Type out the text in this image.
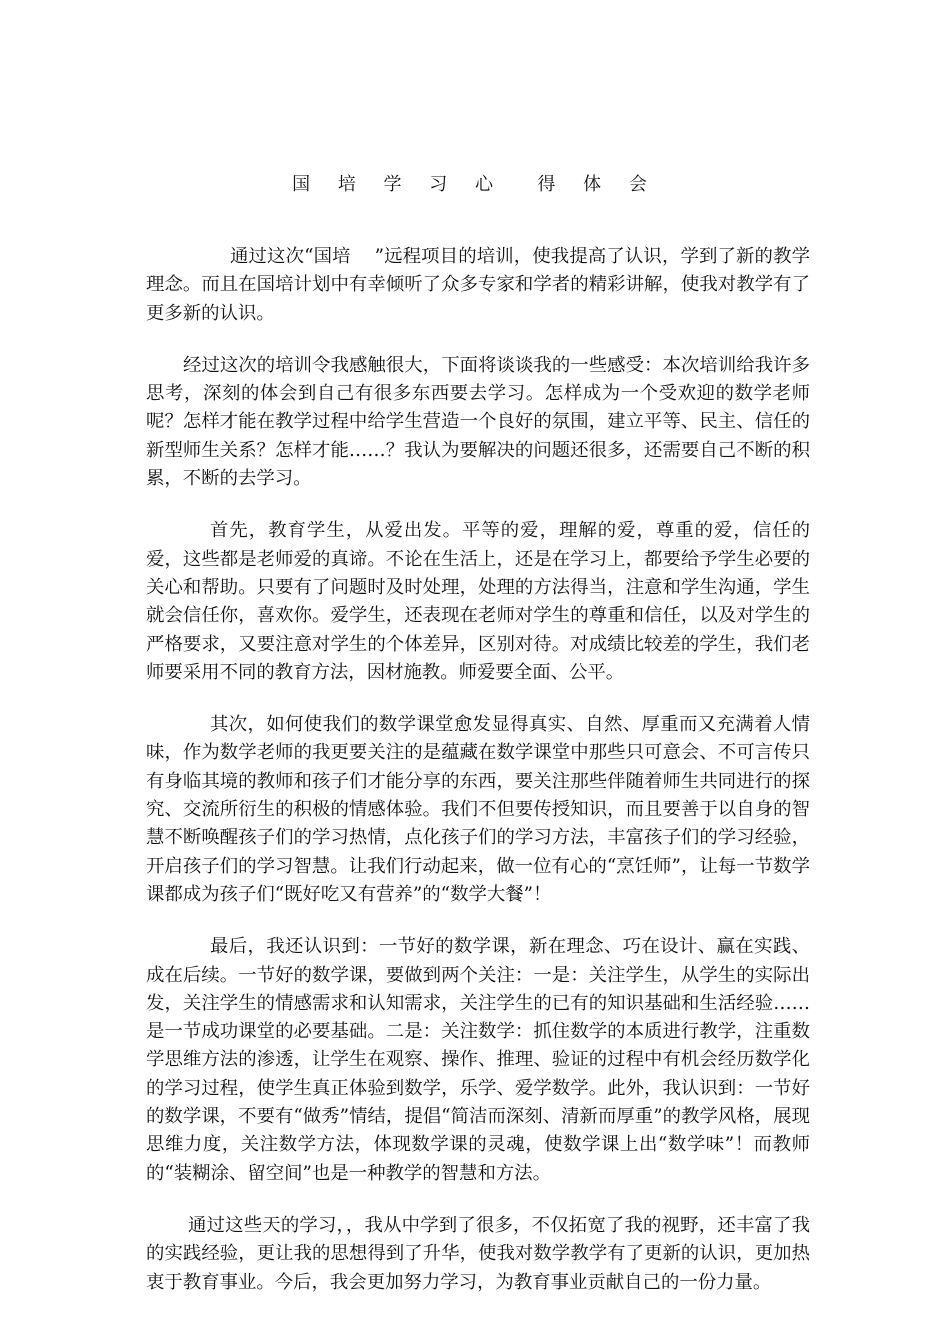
国 培 学 习 心  得 体 会

通过这次“国培    ”远程项目的培训，使我提高了认识，学到了新的教学理念。而且在国培计划中有幸倾听了众多专家和学者的精彩讲解，使我对教学有了更多新的认识。

经过这次的培训令我感触很大，下面将谈谈我的一些感受：本次培训给我许多思考，深刻的体会到自己有很多东西要去学习。怎样成为一个受欢迎的数学老师呢？怎样才能在教学过程中给学生营造一个良好的氛围，建立平等、民主、信任的新型师生关系？怎样才能……？我认为要解决的问题还很多，还需要自己不断的积累，不断的去学习。

首先，教育学生，从爱出发。平等的爱，理解的爱，尊重的爱，信任的爱，这些都是老师爱的真谛。不论在生活上，还是在学习上，都要给予学生必要的关心和帮助。只要有了问题时及时处理，处理的方法得当，注意和学生沟通，学生就会信任你，喜欢你。爱学生，还表现在老师对学生的尊重和信任，以及对学生的严格要求，又要注意对学生的个体差异，区别对待。对成绩比较差的学生，我们老师要采用不同的教育方法，因材施教。师爱要全面、公平。

其次，如何使我们的数学课堂愈发显得真实、自然、厚重而又充满着人情味，作为数学老师的我更要关注的是蕴藏在数学课堂中那些只可意会、不可言传只有身临其境的教师和孩子们才能分享的东西，要关注那些伴随着师生共同进行的探究、交流所衍生的积极的情感体验。我们不但要传授知识，而且要善于以自身的智慧不断唤醒孩子们的学习热情，点化孩子们的学习方法，丰富孩子们的学习经验，开启孩子们的学习智慧。让我们行动起来，做一位有心的“烹饪师”，让每一节数学课都成为孩子们“既好吃又有营养”的“数学大餐”！

最后，我还认识到：一节好的数学课，新在理念、巧在设计、赢在实践、成在后续。一节好的数学课，要做到两个关注：一是：关注学生，从学生的实际出发，关注学生的情感需求和认知需求，关注学生的已有的知识基础和生活经验……是一节成功课堂的必要基础。二是：关注数学：抓住数学的本质进行教学，注重数学思维方法的渗透，让学生在观察、操作、推理、验证的过程中有机会经历数学化的学习过程，使学生真正体验到数学，乐学、爱学数学。此外，我认识到：一节好的数学课，不要有“做秀”情结，提倡“简洁而深刻、清新而厚重”的教学风格，展现思维力度，关注数学方法，体现数学课的灵魂，使数学课上出“数学味”！而教师的“装糊涂、留空间”也是一种教学的智慧和方法。

通过这些天的学习，，我从中学到了很多，不仅拓宽了我的视野，还丰富了我的实践经验，更让我的思想得到了升华，使我对数学教学有了更新的认识，更加热衷于教育事业。今后，我会更加努力学习，为教育事业贡献自己的一份力量。
